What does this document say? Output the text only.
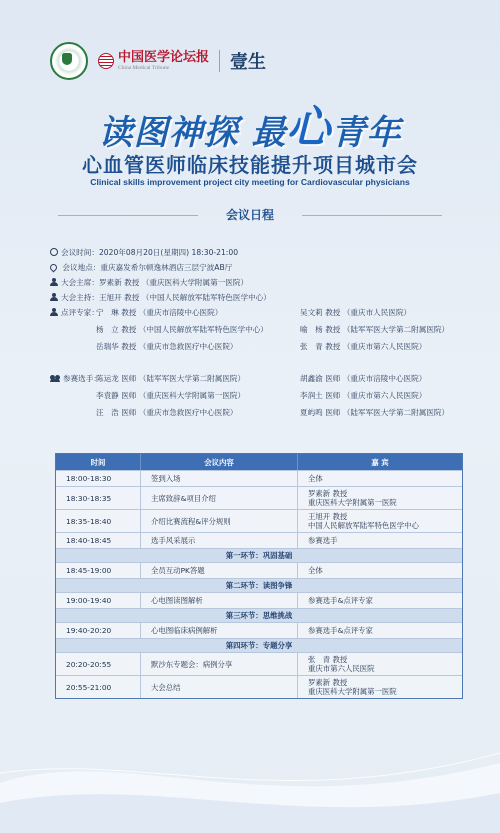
中国医学论坛报
China Medical Tribune	壹生
读图神探 最心青年
心血管医师临床技能提升项目城市会
Clinical skills improvement project city meeting for Cardiovascular physicians
会议日程
会议时间：2020年08月20日(星期四) 18:30-21:00
会议地点：重庆嘉发希尔顿逸林酒店三层宁波AB厅
大会主席：罗素新 教授 （重庆医科大学附属第一医院）
大会主持：王旭开 教授 （中国人民解放军陆军特色医学中心）
点评专家：
宁　琳 教授 （重庆市涪陵中心医院）
杨　立 教授 （中国人民解放军陆军特色医学中心）
岳瑞华 教授 （重庆市急救医疗中心医院）
吴文莉 教授 （重庆市人民医院）
喻　杨 教授 （陆军军医大学第二附属医院）
张　青 教授 （重庆市第六人民医院）
参赛选手：
陈运龙 医师 （陆军军医大学第二附属医院）
李袁静 医师 （重庆医科大学附属第一医院）
汪　浩 医师 （重庆市急救医疗中心医院）
胡鑫渝 医师 （重庆市涪陵中心医院）
李润土 医师 （重庆市第六人民医院）
夏屿鸣 医师 （陆军军医大学第二附属医院）
时间	会议内容	嘉 宾
18:00-18:30	签到入场	全体
18:30-18:35	主席致辞&项目介绍	罗素新 教授
重庆医科大学附属第一医院
18:35-18:40	介绍比赛流程&评分规则	王旭开 教授
中国人民解放军陆军特色医学中心
18:40-18:45	选手风采展示	参赛选手
第一环节：巩固基础
18:45-19:00	全员互动PK答题	全体
第二环节：读图争锋
19:00-19:40	心电图读图解析	参赛选手&点评专家
第三环节：思维挑战
19:40-20:20	心电图临床病例解析	参赛选手&点评专家
第四环节：专题分享
20:20-20:55	默沙东专题会：病例分享	张　青 教授
重庆市第六人民医院
20:55-21:00	大会总结	罗素新 教授
重庆医科大学附属第一医院
